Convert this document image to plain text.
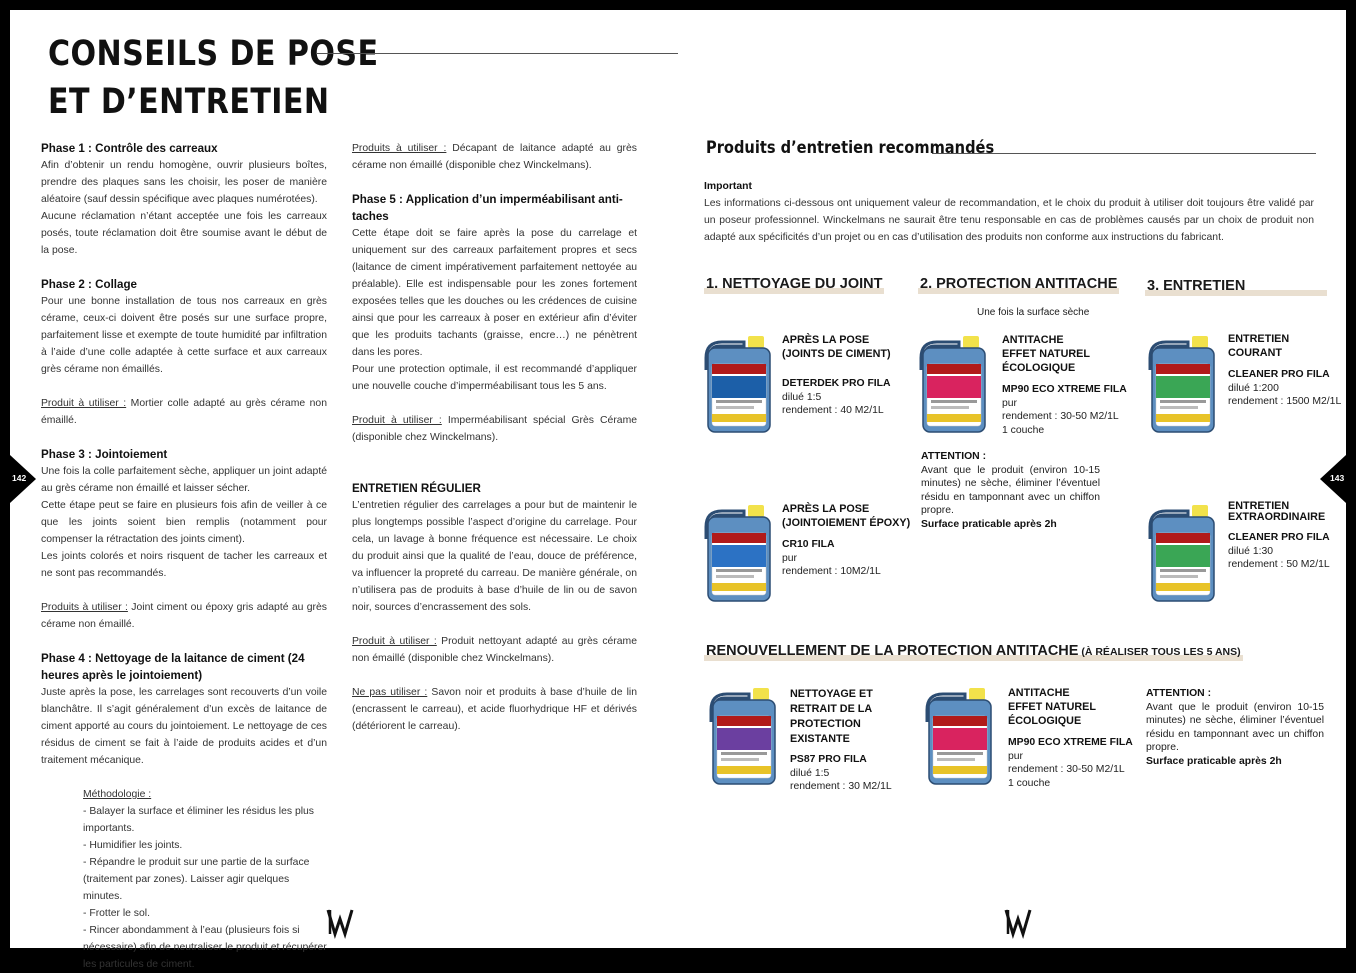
CONSEILS DE POSE
ET D’ENTRETIEN
Phase 1 : Contrôle des carreaux

Afin d’obtenir un rendu homogène, ouvrir plusieurs boîtes, prendre des plaques sans les choisir, les poser de manière aléatoire (sauf dessin spécifique avec plaques numérotées).

Aucune réclamation n’étant acceptée une fois les carreaux posés, toute réclamation doit être soumise avant le début de la pose.

Phase 2 : Collage

Pour une bonne installation de tous nos carreaux en grès cérame, ceux-ci doivent être posés sur une surface propre, parfaitement lisse et exempte de toute humidité par infiltration à l’aide d’une colle adaptée à cette surface et aux carreaux grès cérame non émaillés.

Produit à utiliser : Mortier colle adapté au grès cérame non émaillé.

Phase 3 : Jointoiement

Une fois la colle parfaitement sèche, appliquer un joint adapté au grès cérame non émaillé et laisser sécher.

Cette étape peut se faire en plusieurs fois afin de veiller à ce que les joints soient bien remplis (notamment pour compenser la rétractation des joints ciment).

Les joints colorés et noirs risquent de tacher les carreaux et ne sont pas recommandés.

Produits à utiliser : Joint ciment ou époxy gris adapté au grès cérame non émaillé.

Phase 4 : Nettoyage de la laitance de ciment (24 heures après le jointoiement)

Juste après la pose, les carrelages sont recouverts d’un voile blanchâtre. Il s’agit généralement d’un excès de laitance de ciment apporté au cours du jointoiement. Le nettoyage de ces résidus de ciment se fait à l’aide de produits acides et d’un traitement mécanique.

Méthodologie :

- Balayer la surface et éliminer les résidus les plus importants.

- Humidifier les joints.

- Répandre le produit sur une partie de la surface (traitement par zones). Laisser agir quelques minutes.

- Frotter le sol.

- Rincer abondamment à l’eau (plusieurs fois si nécessaire) afin de neutraliser le produit et récupérer les particules de ciment.

Produits à utiliser : Décapant de laitance adapté au grès cérame non émaillé (disponible chez Winckelmans).

Phase 5 : Application d’un imperméabilisant anti-taches

Cette étape doit se faire après la pose du carrelage et uniquement sur des carreaux parfaitement propres et secs (laitance de ciment impérativement parfaitement nettoyée au préalable). Elle est indispensable pour les zones fortement exposées telles que les douches ou les crédences de cuisine ainsi que pour les carreaux à poser en extérieur afin d’éviter que les produits tachants (graisse, encre…) ne pénètrent dans les pores.

Pour une protection optimale, il est recommandé d’appliquer une nouvelle couche d’imperméabilisant tous les 5 ans.

Produit à utiliser : Imperméabilisant spécial Grès Cérame (disponible chez Winckelmans).

ENTRETIEN RÉGULIER

L’entretien régulier des carrelages a pour but de maintenir le plus longtemps possible l’aspect d’origine du carrelage. Pour cela, un lavage à bonne fréquence est nécessaire. Le choix du produit ainsi que la qualité de l’eau, douce de préférence, va influencer la propreté du carreau. De manière générale, on n’utilisera pas de produits à base d’huile de lin ou de savon noir, sources d’encrassement des sols.

Produit à utiliser : Produit nettoyant adapté au grès cérame non émaillé (disponible chez Winckelmans).

Ne pas utiliser : Savon noir et produits à base d’huile de lin (encrassent le carreau), et acide fluorhydrique HF et dérivés (détériorent le carreau).

Produits d’entretien recommandés
Important

Les informations ci-dessous ont uniquement valeur de recommandation, et le choix du produit à utiliser doit toujours être validé par un poseur professionnel. Winckelmans ne saurait être tenu responsable en cas de problèmes causés par un choix de produit non adapté aux spécificités d’un projet ou en cas d’utilisation des produits non conforme aux instructions du fabricant.

1. NETTOYAGE DU JOINT	2. PROTECTION ANTITACHE
Une fois la surface sèche
3. ENTRETIEN
APRÈS LA POSE (JOINTS DE CIMENT)
DETERDEK PRO FILA
dilué 1:5
rendement : 40 M2/1L
APRÈS LA POSE (JOINTOIEMENT ÉPOXY)
CR10 FILA
pur
rendement : 10M2/1L
ANTITACHE EFFET NATUREL ÉCOLOGIQUE
MP90 ECO XTREME FILA
pur
rendement : 30-50 M2/1L
1 couche
ENTRETIEN COURANT
CLEANER PRO FILA
dilué 1:200
rendement : 1500 M2/1L
ENTRETIEN EXTRAORDINAIRE
CLEANER PRO FILA
dilué 1:30
rendement : 50 M2/1L
ATTENTION :
Avant que le produit (environ 10-15 minutes) ne sèche, éliminer l’éventuel résidu en tamponnant avec un chiffon propre.
Surface praticable après 2h
RENOUVELLEMENT DE LA PROTECTION ANTITACHE (À RÉALISER TOUS LES 5 ANS)
NETTOYAGE ET RETRAIT DE LA PROTECTION EXISTANTE
PS87 PRO FILA
dilué 1:5
rendement : 30 M2/1L
ANTITACHE EFFET NATUREL ÉCOLOGIQUE
MP90 ECO XTREME FILA
pur
rendement : 30-50 M2/1L
1 couche
ATTENTION :
Avant que le produit (environ 10-15 minutes) ne sèche, éliminer l’éventuel résidu en tamponnant avec un chiffon propre.
Surface praticable après 2h
142	143
